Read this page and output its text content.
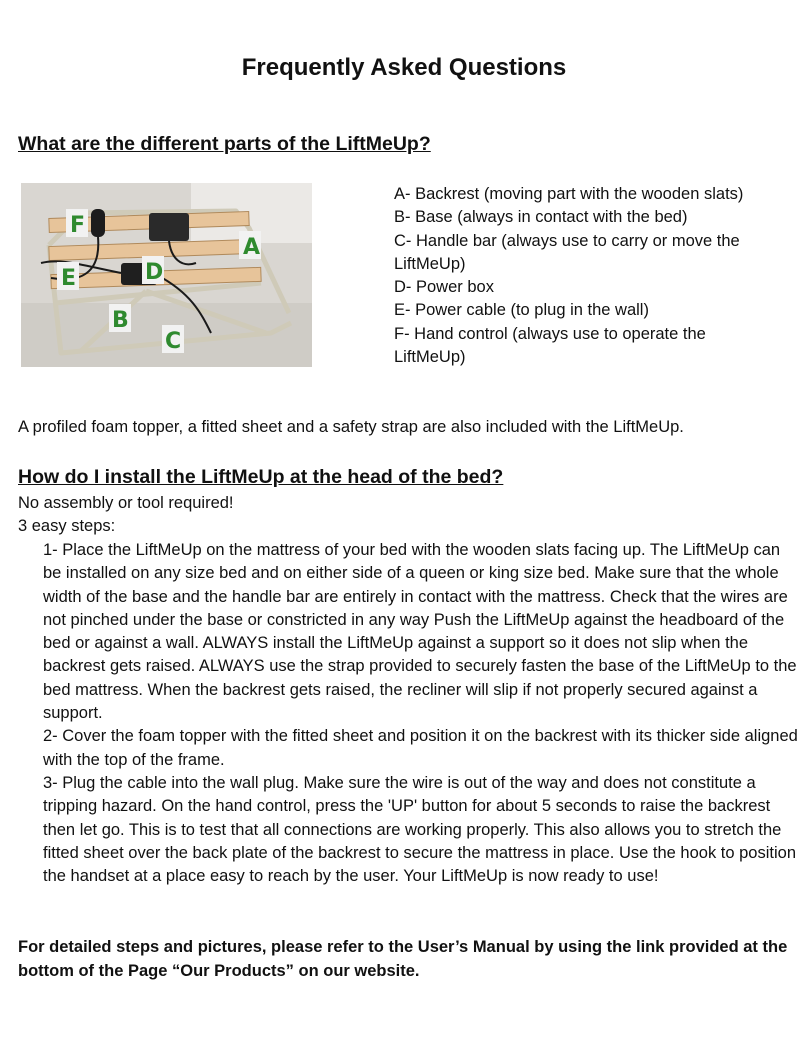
Frequently Asked Questions
What are the different parts of the LiftMeUp?
F
A
E	D
B
C
A- Backrest (moving part with the wooden slats)
B- Base (always in contact with the bed)
C- Handle bar (always use to carry or move the LiftMeUp)
D- Power box
E- Power cable (to plug in the wall)
F- Hand control (always use to operate the LiftMeUp)

A profiled foam topper, a fitted sheet and a safety strap are also included with the LiftMeUp.

How do I install the LiftMeUp at the head of the bed?

No assembly or tool required!

3 easy steps:

1- Place the LiftMeUp on the mattress of your bed with the wooden slats facing up. The LiftMeUp can be installed on any size bed and on either side of a queen or king size bed. Make sure that the whole width of the base and the handle bar are entirely in contact with the mattress. Check that the wires are not pinched under the base or constricted in any way Push the LiftMeUp against the headboard of the bed or against a wall. ALWAYS install the LiftMeUp against a support so it does not slip when the backrest gets raised. ALWAYS use the strap provided to securely fasten the base of the LiftMeUp to the bed mattress. When the backrest gets raised, the recliner will slip if not properly secured against a support.
2- Cover the foam topper with the fitted sheet and position it on the backrest with its thicker side aligned with the top of the frame.
3- Plug the cable into the wall plug. Make sure the wire is out of the way and does not constitute a tripping hazard. On the hand control, press the 'UP' button for about 5 seconds to raise the backrest then let go. This is to test that all connections are working properly. This also allows you to stretch the fitted sheet over the back plate of the backrest to secure the mattress in place. Use the hook to position the handset at a place easy to reach by the user. Your LiftMeUp is now ready to use!

For detailed steps and pictures, please refer to the User’s Manual by using the link provided at the bottom of the Page “Our Products” on our website.
